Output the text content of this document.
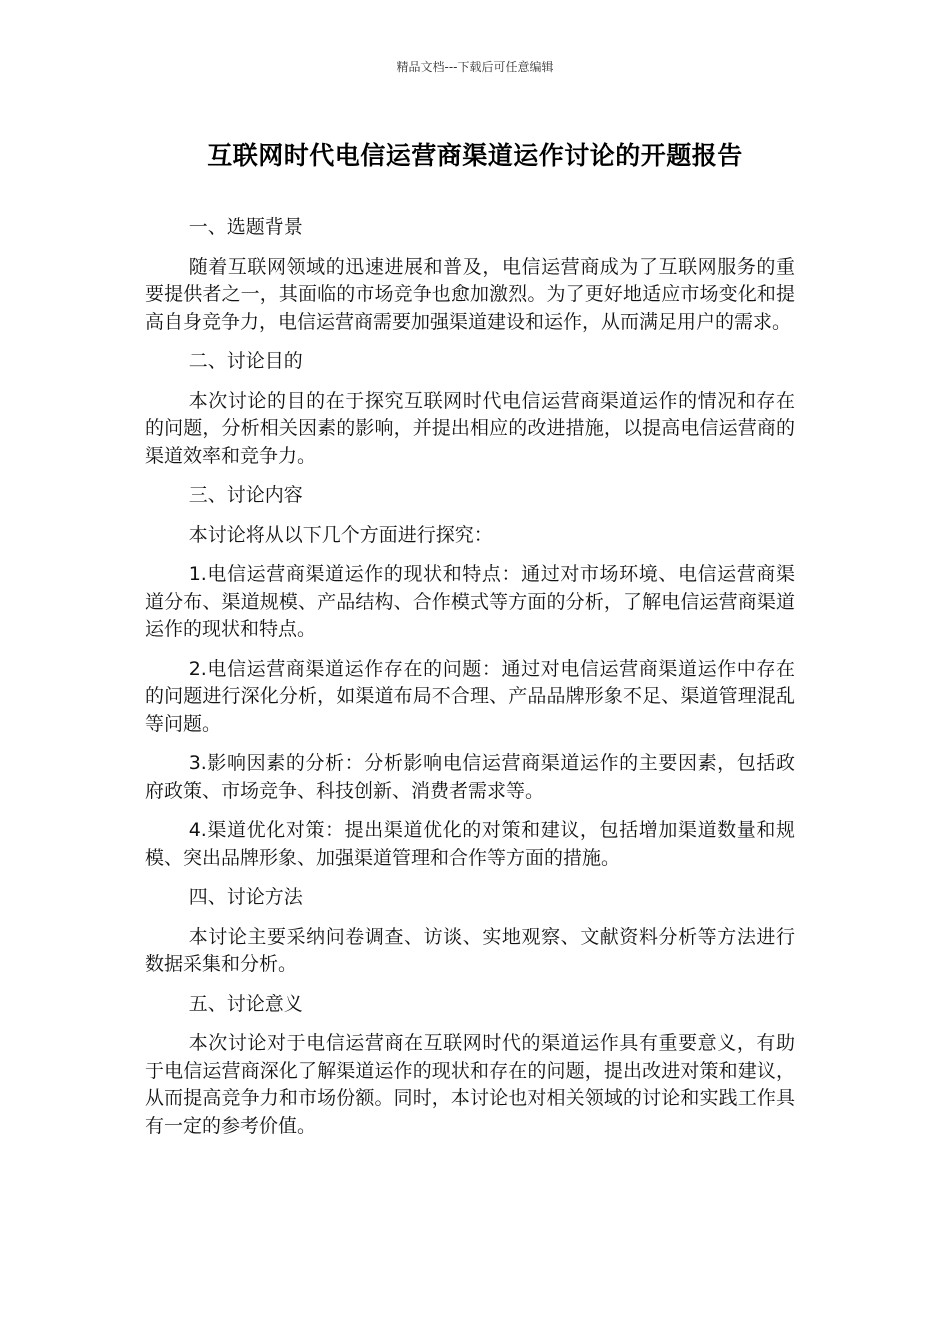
精品文档---下载后可任意编辑
互联网时代电信运营商渠道运作讨论的开题报告

一、选题背景

随着互联网领域的迅速进展和普及，电信运营商成为了互联网服务的重要提供者之一，其面临的市场竞争也愈加激烈。为了更好地适应市场变化和提高自身竞争力，电信运营商需要加强渠道建设和运作，从而满足用户的需求。

二、讨论目的

本次讨论的目的在于探究互联网时代电信运营商渠道运作的情况和存在的问题，分析相关因素的影响，并提出相应的改进措施，以提高电信运营商的渠道效率和竞争力。

三、讨论内容

本讨论将从以下几个方面进行探究：

1.电信运营商渠道运作的现状和特点：通过对市场环境、电信运营商渠道分布、渠道规模、产品结构、合作模式等方面的分析，了解电信运营商渠道运作的现状和特点。

2.电信运营商渠道运作存在的问题：通过对电信运营商渠道运作中存在的问题进行深化分析，如渠道布局不合理、产品品牌形象不足、渠道管理混乱等问题。

3.影响因素的分析：分析影响电信运营商渠道运作的主要因素，包括政府政策、市场竞争、科技创新、消费者需求等。

4.渠道优化对策：提出渠道优化的对策和建议，包括增加渠道数量和规模、突出品牌形象、加强渠道管理和合作等方面的措施。

四、讨论方法

本讨论主要采纳问卷调查、访谈、实地观察、文献资料分析等方法进行数据采集和分析。

五、讨论意义

本次讨论对于电信运营商在互联网时代的渠道运作具有重要意义，有助于电信运营商深化了解渠道运作的现状和存在的问题，提出改进对策和建议，从而提高竞争力和市场份额。同时，本讨论也对相关领域的讨论和实践工作具有一定的参考价值。
